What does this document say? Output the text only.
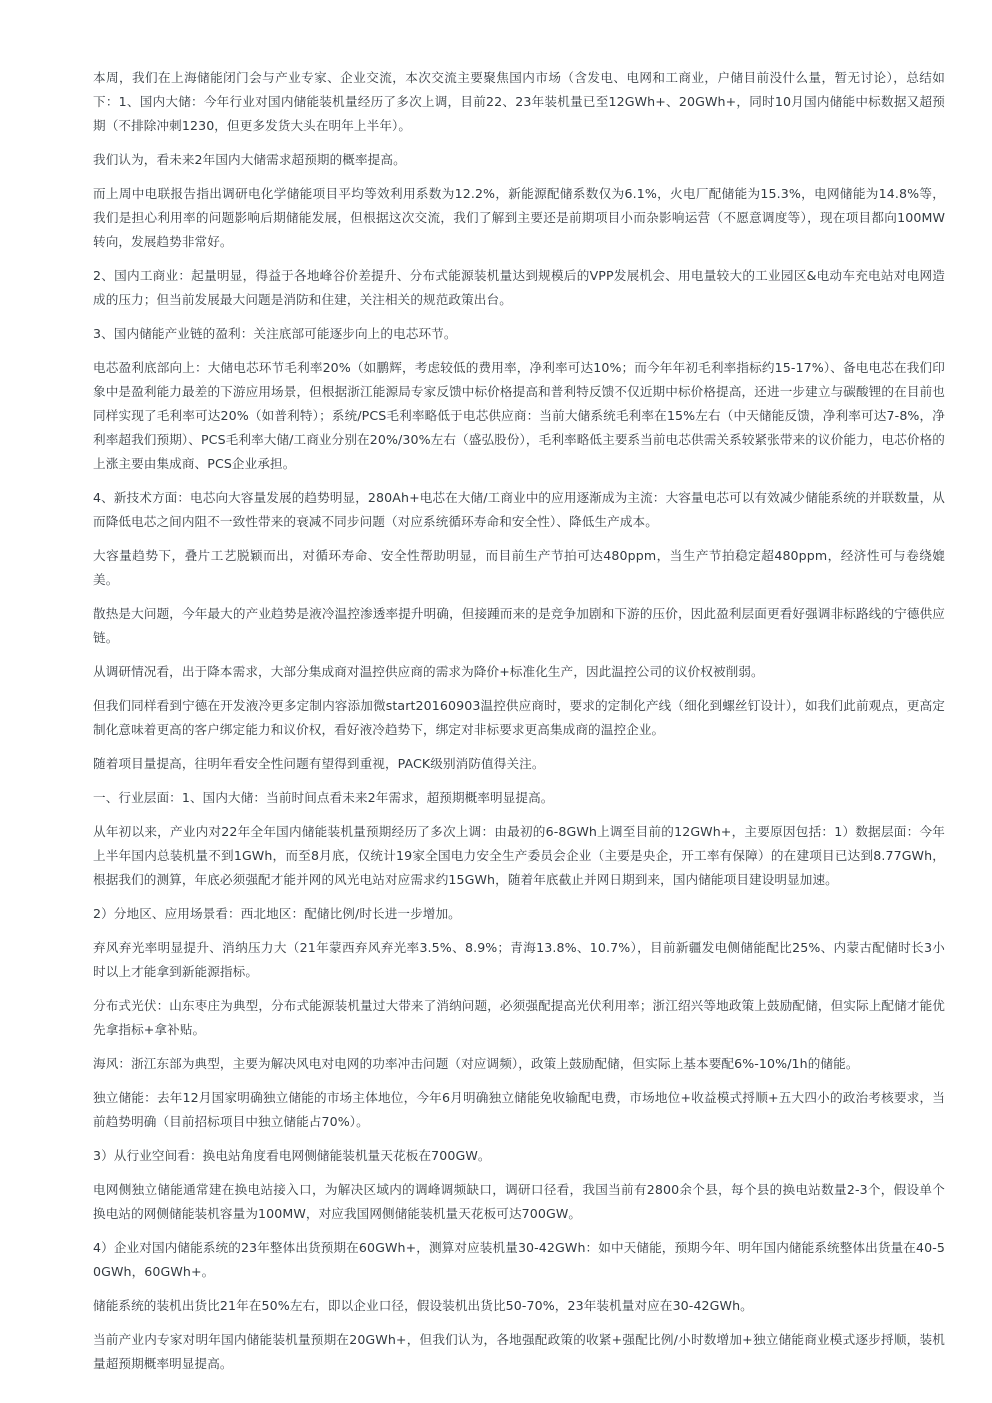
本周，我们在上海储能闭门会与产业专家、企业交流，本次交流主要聚焦国内市场（含发电、电网和工商业，户储目前没什么量，暂无讨论），总结如下：1、国内大储：今年行业对国内储能装机量经历了多次上调，目前22、23年装机量已至12GWh+、20GWh+，同时10月国内储能中标数据又超预期（不排除冲刺1230，但更多发货大头在明年上半年）。

我们认为，看未来2年国内大储需求超预期的概率提高。

而上周中电联报告指出调研电化学储能项目平均等效利用系数为12.2%，新能源配储系数仅为6.1%，火电厂配储能为15.3%，电网储能为14.8%等，我们是担心利用率的问题影响后期储能发展，但根据这次交流，我们了解到主要还是前期项目小而杂影响运营（不愿意调度等），现在项目都向100MW转向，发展趋势非常好。

2、国内工商业：起量明显，得益于各地峰谷价差提升、分布式能源装机量达到规模后的VPP发展机会、用电量较大的工业园区&电动车充电站对电网造成的压力；但当前发展最大问题是消防和住建，关注相关的规范政策出台。

3、国内储能产业链的盈利：关注底部可能逐步向上的电芯环节。

电芯盈利底部向上：大储电芯环节毛利率20%（如鹏辉，考虑较低的费用率，净利率可达10%；而今年年初毛利率指标约15-17%）、备电电芯在我们印象中是盈利能力最差的下游应用场景，但根据浙江能源局专家反馈中标价格提高和普利特反馈不仅近期中标价格提高，还进一步建立与碳酸锂的在目前也同样实现了毛利率可达20%（如普利特）；系统/PCS毛利率略低于电芯供应商：当前大储系统毛利率在15%左右（中天储能反馈，净利率可达7-8%，净利率超我们预期）、PCS毛利率大储/工商业分别在20%/30%左右（盛弘股份），毛利率略低主要系当前电芯供需关系较紧张带来的议价能力，电芯价格的上涨主要由集成商、PCS企业承担。

4、新技术方面：电芯向大容量发展的趋势明显，280Ah+电芯在大储/工商业中的应用逐渐成为主流：大容量电芯可以有效减少储能系统的并联数量，从而降低电芯之间内阻不一致性带来的衰减不同步问题（对应系统循环寿命和安全性）、降低生产成本。

大容量趋势下，叠片工艺脱颖而出，对循环寿命、安全性帮助明显，而目前生产节拍可达480ppm，当生产节拍稳定超480ppm，经济性可与卷绕媲美。

散热是大问题，今年最大的产业趋势是液冷温控渗透率提升明确，但接踵而来的是竞争加剧和下游的压价，因此盈利层面更看好强调非标路线的宁德供应链。

从调研情况看，出于降本需求，大部分集成商对温控供应商的需求为降价+标准化生产，因此温控公司的议价权被削弱。

但我们同样看到宁德在开发液冷更多定制内容添加微start20160903温控供应商时，要求的定制化产线（细化到螺丝钉设计），如我们此前观点，更高定制化意味着更高的客户绑定能力和议价权，看好液冷趋势下，绑定对非标要求更高集成商的温控企业。

随着项目量提高，往明年看安全性问题有望得到重视，PACK级别消防值得关注。

一、行业层面：1、国内大储：当前时间点看未来2年需求，超预期概率明显提高。

从年初以来，产业内对22年全年国内储能装机量预期经历了多次上调：由最初的6-8GWh上调至目前的12GWh+，主要原因包括：1）数据层面：今年上半年国内总装机量不到1GWh，而至8月底，仅统计19家全国电力安全生产委员会企业（主要是央企，开工率有保障）的在建项目已达到8.77GWh，根据我们的测算，年底必须强配才能并网的风光电站对应需求约15GWh，随着年底截止并网日期到来，国内储能项目建设明显加速。

2）分地区、应用场景看：西北地区：配储比例/时长进一步增加。

弃风弃光率明显提升、消纳压力大（21年蒙西弃风弃光率3.5%、8.9%；青海13.8%、10.7%），目前新疆发电侧储能配比25%、内蒙古配储时长3小时以上才能拿到新能源指标。

分布式光伏：山东枣庄为典型，分布式能源装机量过大带来了消纳问题，必须强配提高光伏利用率；浙江绍兴等地政策上鼓励配储，但实际上配储才能优先拿指标+拿补贴。

海风：浙江东部为典型，主要为解决风电对电网的功率冲击问题（对应调频），政策上鼓励配储，但实际上基本要配6%-10%/1h的储能。

独立储能：去年12月国家明确独立储能的市场主体地位，今年6月明确独立储能免收输配电费，市场地位+收益模式捋顺+五大四小的政治考核要求，当前趋势明确（目前招标项目中独立储能占70%）。

3）从行业空间看：换电站角度看电网侧储能装机量天花板在700GW。

电网侧独立储能通常建在换电站接入口，为解决区域内的调峰调频缺口，调研口径看，我国当前有2800余个县，每个县的换电站数量2-3个，假设单个换电站的网侧储能装机容量为100MW，对应我国网侧储能装机量天花板可达700GW。

4）企业对国内储能系统的23年整体出货预期在60GWh+，测算对应装机量30-42GWh：如中天储能，预期今年、明年国内储能系统整体出货量在40-50GWh，60GWh+。

储能系统的装机出货比21年在50%左右，即以企业口径，假设装机出货比50-70%，23年装机量对应在30-42GWh。

当前产业内专家对明年国内储能装机量预期在20GWh+，但我们认为，各地强配政策的收紧+强配比例/小时数增加+独立储能商业模式逐步捋顺，装机量超预期概率明显提高。
